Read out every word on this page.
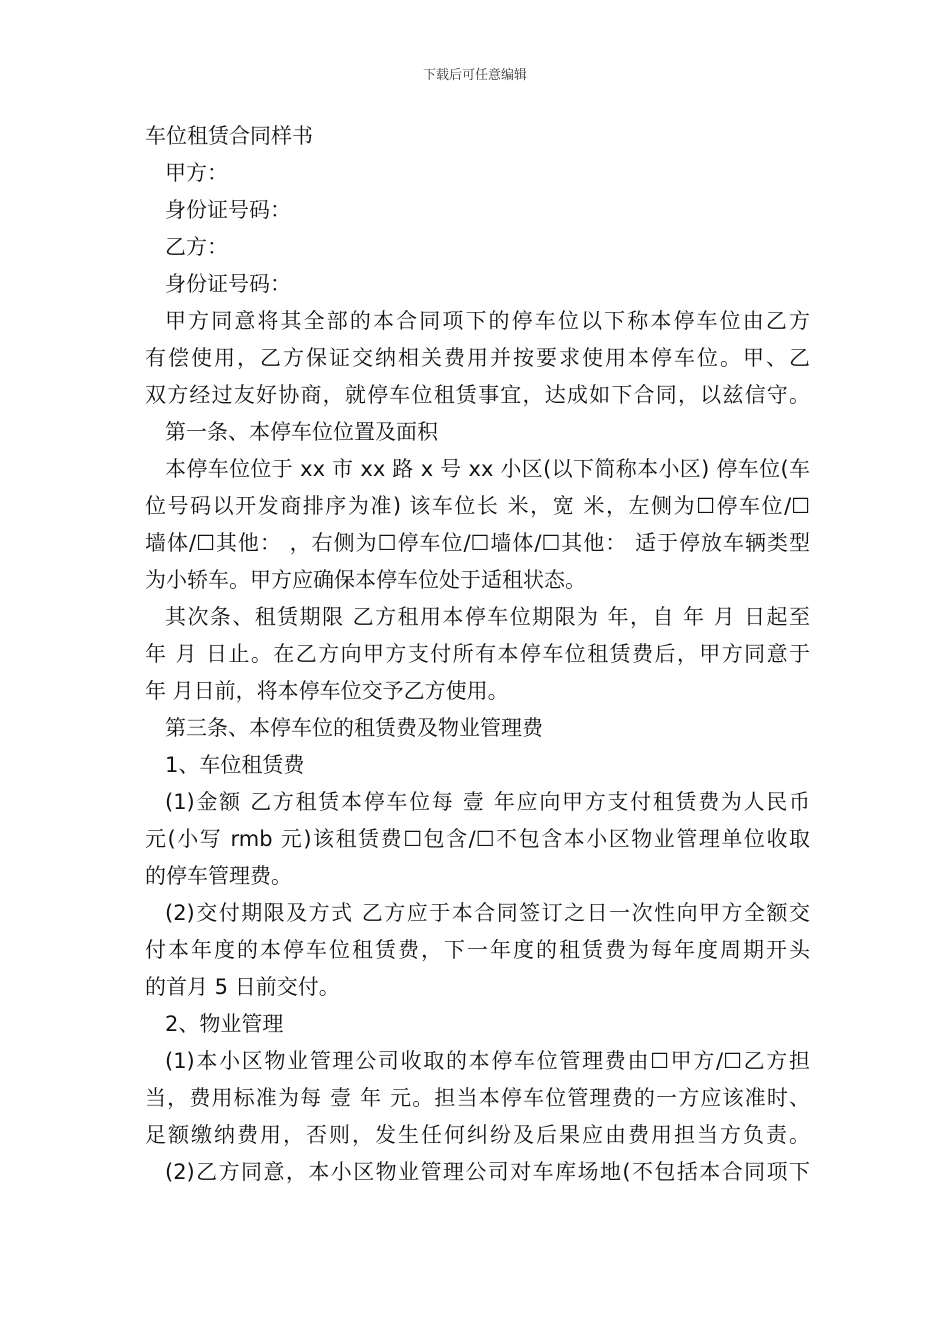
下载后可任意编辑
车位租赁合同样书
甲方：
身份证号码：
乙方：
身份证号码：
甲方同意将其全部的本合同项下的停车位以下称本停车位由乙方
有偿使用，乙方保证交纳相关费用并按要求使用本停车位。甲、乙
双方经过友好协商，就停车位租赁事宜，达成如下合同，以兹信守。
第一条、本停车位位置及面积
本停车位位于 xx 市 xx 路 x 号 xx 小区(以下简称本小区) 停车位(车
位号码以开发商排序为准) 该车位长 米，宽 米，左侧为☐停车位/☐
墙体/☐其他： ，右侧为☐停车位/☐墙体/☐其他： 适于停放车辆类型
为小轿车。甲方应确保本停车位处于适租状态。
其次条、租赁期限 乙方租用本停车位期限为 年，自 年 月 日起至
年 月 日止。在乙方向甲方支付所有本停车位租赁费后，甲方同意于
年 月日前，将本停车位交予乙方使用。
第三条、本停车位的租赁费及物业管理费
1、车位租赁费
(1)金额 乙方租赁本停车位每 壹 年应向甲方支付租赁费为人民币
元(小写 rmb 元)该租赁费☐包含/☐不包含本小区物业管理单位收取
的停车管理费。
(2)交付期限及方式 乙方应于本合同签订之日一次性向甲方全额交
付本年度的本停车位租赁费，下一年度的租赁费为每年度周期开头
的首月 5 日前交付。
2、物业管理
(1)本小区物业管理公司收取的本停车位管理费由☐甲方/☐乙方担
当，费用标准为每 壹 年 元。担当本停车位管理费的一方应该准时、
足额缴纳费用，否则，发生任何纠纷及后果应由费用担当方负责。
(2)乙方同意，本小区物业管理公司对车库场地(不包括本合同项下
